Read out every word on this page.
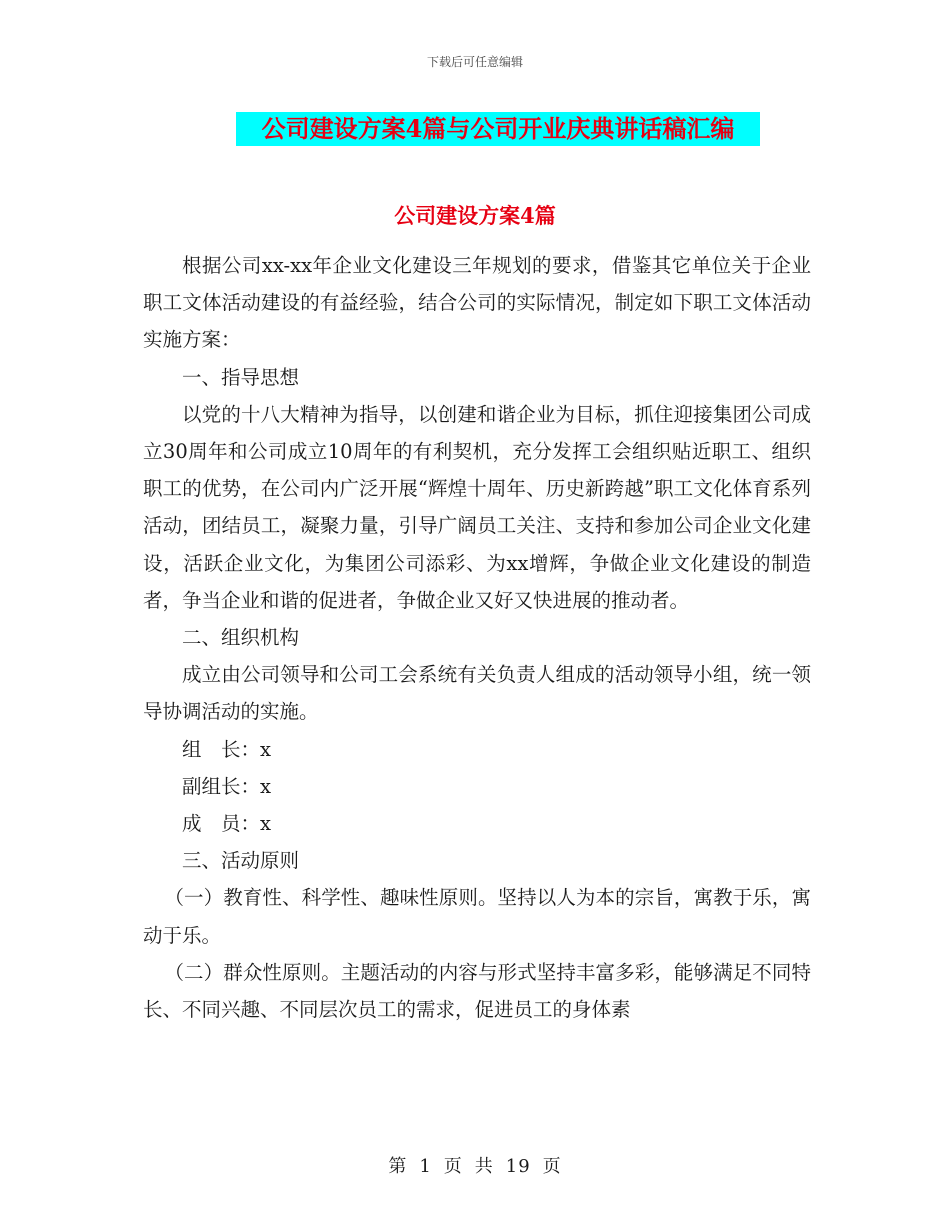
下载后可任意编辑
公司建设方案4篇与公司开业庆典讲话稿汇编
公司建设方案4篇

根据公司xx-xx年企业文化建设三年规划的要求，借鉴其它单位关于企业职工文体活动建设的有益经验，结合公司的实际情况，制定如下职工文体活动实施方案：

一、指导思想

以党的十八大精神为指导，以创建和谐企业为目标，抓住迎接集团公司成立30周年和公司成立10周年的有利契机，充分发挥工会组织贴近职工、组织职工的优势，在公司内广泛开展“辉煌十周年、历史新跨越”职工文化体育系列活动，团结员工，凝聚力量，引导广阔员工关注、支持和参加公司企业文化建设，活跃企业文化，为集团公司添彩、为xx增辉，争做企业文化建设的制造者，争当企业和谐的促进者，争做企业又好又快进展的推动者。

二、组织机构

成立由公司领导和公司工会系统有关负责人组成的活动领导小组，统一领导协调活动的实施。

组　长：x

副组长：x

成　员：x

三、活动原则

（一）教育性、科学性、趣味性原则。坚持以人为本的宗旨，寓教于乐，寓动于乐。

（二）群众性原则。主题活动的内容与形式坚持丰富多彩，能够满足不同特长、不同兴趣、不同层次员工的需求，促进员工的身体素

第 1 页 共 19 页
